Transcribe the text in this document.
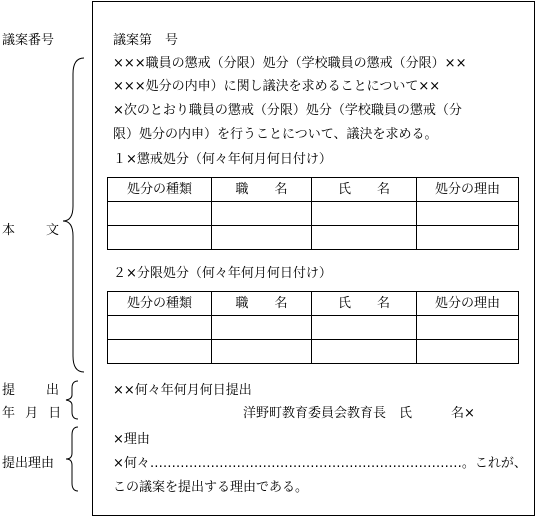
議案番号
本 文
提 出
年 月 日
提出理由
議案第　号
×××職員の懲戒（分限）処分（学校職員の懲戒（分限）××
×××処分の内申）に関し議決を求めることについて××
×次のとおり職員の懲戒（分限）処分（学校職員の懲戒（分
限）処分の内申）を行うことについて、議決を求める。
１×懲戒処分（何々年何月何日付け）
処分の種類	職　　名	氏　　名	処分の理由

２×分限処分（何々年何月何日付け）
処分の種類	職　　名	氏　　名	処分の理由

××何々年何月何日提出
洋野町教育委員会教育長　氏　　　名×
×理由
×何々………………………………………………………………。これが、
この議案を提出する理由である。
